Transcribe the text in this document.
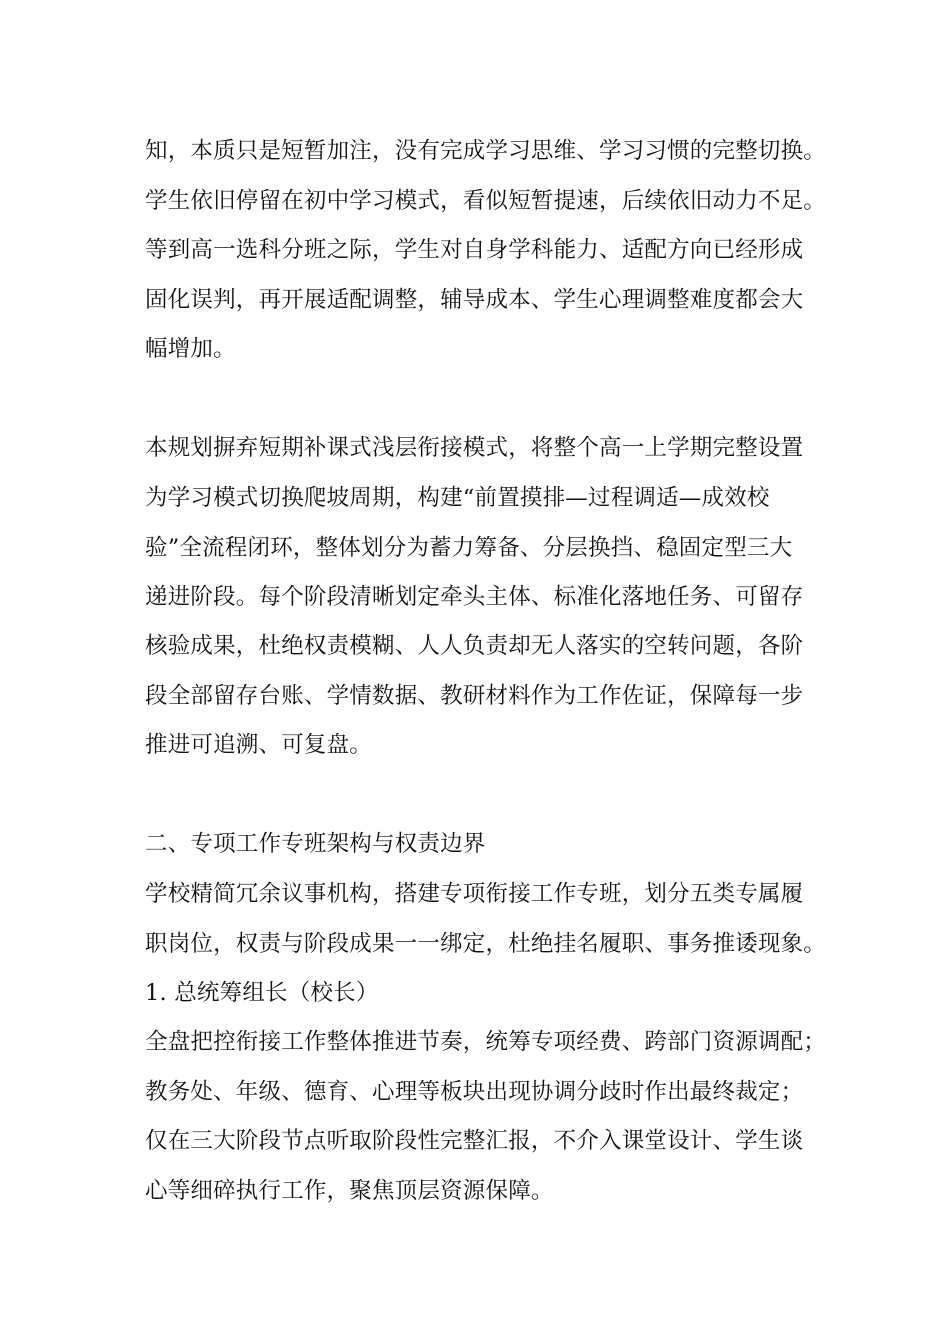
知，本质只是短暂加注，没有完成学习思维、学习习惯的完整切换。
学生依旧停留在初中学习模式，看似短暂提速，后续依旧动力不足。
等到高一选科分班之际，学生对自身学科能力、适配方向已经形成
固化误判，再开展适配调整，辅导成本、学生心理调整难度都会大
幅增加。
本规划摒弃短期补课式浅层衔接模式，将整个高一上学期完整设置
为学习模式切换爬坡周期，构建“前置摸排—过程调适—成效校
验”全流程闭环，整体划分为蓄力筹备、分层换挡、稳固定型三大
递进阶段。每个阶段清晰划定牵头主体、标准化落地任务、可留存
核验成果，杜绝权责模糊、人人负责却无人落实的空转问题，各阶
段全部留存台账、学情数据、教研材料作为工作佐证，保障每一步
推进可追溯、可复盘。
二、专项工作专班架构与权责边界
学校精简冗余议事机构，搭建专项衔接工作专班，划分五类专属履
职岗位，权责与阶段成果一一绑定，杜绝挂名履职、事务推诿现象。
1. 总统筹组长（校长）
全盘把控衔接工作整体推进节奏，统筹专项经费、跨部门资源调配；
教务处、年级、德育、心理等板块出现协调分歧时作出最终裁定；
仅在三大阶段节点听取阶段性完整汇报，不介入课堂设计、学生谈
心等细碎执行工作，聚焦顶层资源保障。
